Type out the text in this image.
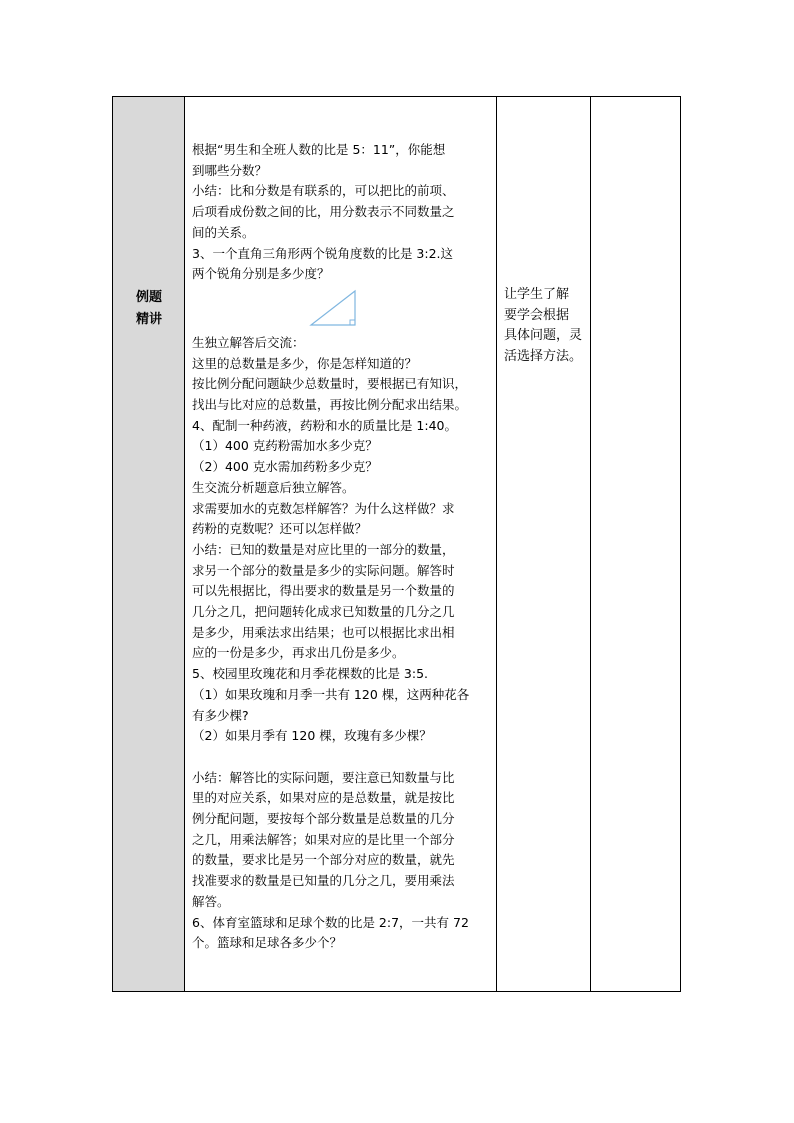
例题
精讲

根据“男生和全班人数的比是 5：11”，你能想

到哪些分数？

小结：比和分数是有联系的，可以把比的前项、

后项看成份数之间的比，用分数表示不同数量之

间的关系。

3、一个直角三角形两个锐角度数的比是 3:2.这

两个锐角分别是多少度？

生独立解答后交流：

这里的总数量是多少，你是怎样知道的？

按比例分配问题缺少总数量时，要根据已有知识，

找出与比对应的总数量，再按比例分配求出结果。

4、配制一种药液，药粉和水的质量比是 1:40。

（1）400 克药粉需加水多少克？

（2）400 克水需加药粉多少克？

生交流分析题意后独立解答。

求需要加水的克数怎样解答？为什么这样做？求

药粉的克数呢？还可以怎样做？

小结：已知的数量是对应比里的一部分的数量，

求另一个部分的数量是多少的实际问题。解答时

可以先根据比，得出要求的数量是另一个数量的

几分之几，把问题转化成求已知数量的几分之几

是多少，用乘法求出结果；也可以根据比求出相

应的一份是多少，再求出几份是多少。

5、校园里玫瑰花和月季花棵数的比是 3:5.

（1）如果玫瑰和月季一共有 120 棵，这两种花各

有多少棵?

（2）如果月季有 120 棵，玫瑰有多少棵？

小结：解答比的实际问题，要注意已知数量与比

里的对应关系，如果对应的是总数量，就是按比

例分配问题，要按每个部分数量是总数量的几分

之几，用乘法解答；如果对应的是比里一个部分

的数量，要求比是另一个部分对应的数量，就先

找准要求的数量是已知量的几分之几，要用乘法

解答。

6、体育室篮球和足球个数的比是 2:7，一共有 72

个。篮球和足球各多少个？

让学生了解
要学会根据
具体问题，灵
活选择方法。
